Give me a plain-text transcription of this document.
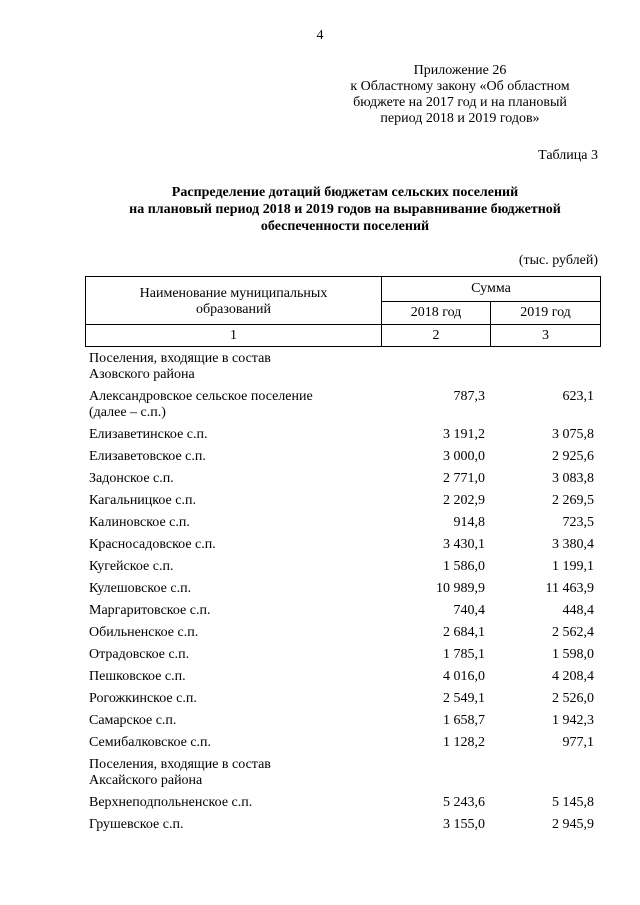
4
Приложение 26
к Областному закону «Об областном
бюджете на 2017 год и на плановый
период 2018 и 2019 годов»
Таблица 3
Распределение дотаций бюджетам сельских поселений
на плановый период 2018 и 2019 годов на выравнивание бюджетной
обеспеченности поселений
(тыс. рублей)
Наименование муниципальных
образований
Сумма
2018 год	2019 год
1	2	3
Поселения, входящие в состав
Азовского района
Александровское сельское поселение
(далее – с.п.)
787,3	623,1
Елизаветинское с.п.	3 191,2	3 075,8
Елизаветовское с.п.	3 000,0	2 925,6
Задонское с.п.	2 771,0	3 083,8
Кагальницкое с.п.	2 202,9	2 269,5
Калиновское с.п.	914,8	723,5
Красносадовское с.п.	3 430,1	3 380,4
Кугейское с.п.	1 586,0	1 199,1
Кулешовское с.п.	10 989,9	11 463,9
Маргаритовское с.п.	740,4	448,4
Обильненское с.п.	2 684,1	2 562,4
Отрадовское с.п.	1 785,1	1 598,0
Пешковское с.п.	4 016,0	4 208,4
Рогожкинское с.п.	2 549,1	2 526,0
Самарское с.п.	1 658,7	1 942,3
Семибалковское с.п.	1 128,2	977,1
Поселения, входящие в состав
Аксайского района
Верхнеподпольненское с.п.	5 243,6	5 145,8
Грушевское с.п.	3 155,0	2 945,9
